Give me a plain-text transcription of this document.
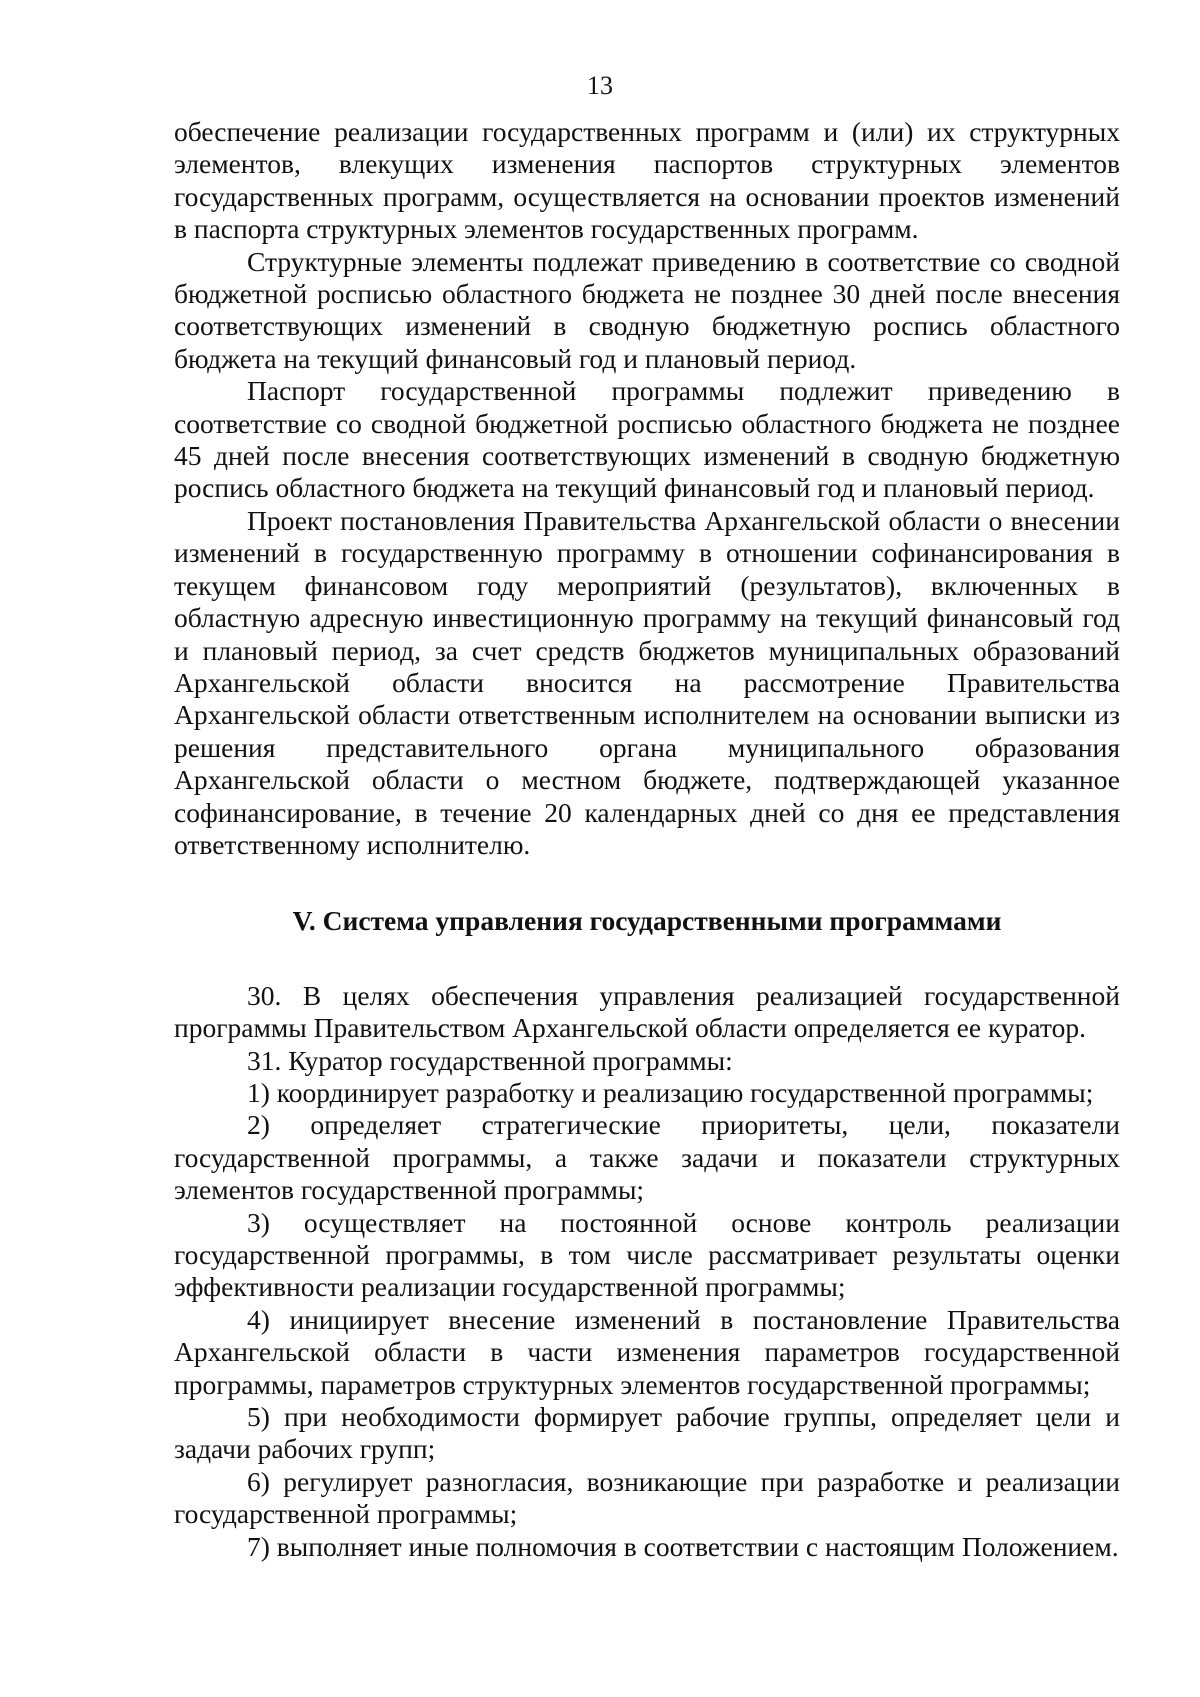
13

обеспечение реализации государственных программ и (или) их структурных элементов, влекущих изменения паспортов структурных элементов государственных программ, осуществляется на основании проектов изменений в паспорта структурных элементов государственных программ.

Структурные элементы подлежат приведению в соответствие со сводной бюджетной росписью областного бюджета не позднее 30 дней после внесения соответствующих изменений в сводную бюджетную роспись областного бюджета на текущий финансовый год и плановый период.

Паспорт государственной программы подлежит приведению в соответствие со сводной бюджетной росписью областного бюджета не позднее 45 дней после внесения соответствующих изменений в сводную бюджетную роспись областного бюджета на текущий финансовый год и плановый период.

Проект постановления Правительства Архангельской области о внесении изменений в государственную программу в отношении софинансирования в текущем финансовом году мероприятий (результатов), включенных в областную адресную инвестиционную программу на текущий финансовый год и плановый период, за счет средств бюджетов муниципальных образований Архангельской области вносится на рассмотрение Правительства Архангельской области ответственным исполнителем на основании выписки из решения представительного органа муниципального образования Архангельской области о местном бюджете, подтверждающей указанное софинансирование, в течение 20 календарных дней со дня ее представления ответственному исполнителю.

V. Система управления государственными программами

30. В целях обеспечения управления реализацией государственной программы Правительством Архангельской области определяется ее куратор.

31. Куратор государственной программы:

1) координирует разработку и реализацию государственной программы;

2) определяет стратегические приоритеты, цели, показатели государственной программы, а также задачи и показатели структурных элементов государственной программы;

3) осуществляет на постоянной основе контроль реализации государственной программы, в том числе рассматривает результаты оценки эффективности реализации государственной программы;

4) инициирует внесение изменений в постановление Правительства Архангельской области в части изменения параметров государственной программы, параметров структурных элементов государственной программы;

5) при необходимости формирует рабочие группы, определяет цели и задачи рабочих групп;

6) регулирует разногласия, возникающие при разработке и реализации государственной программы;

7) выполняет иные полномочия в соответствии с настоящим Положением.
